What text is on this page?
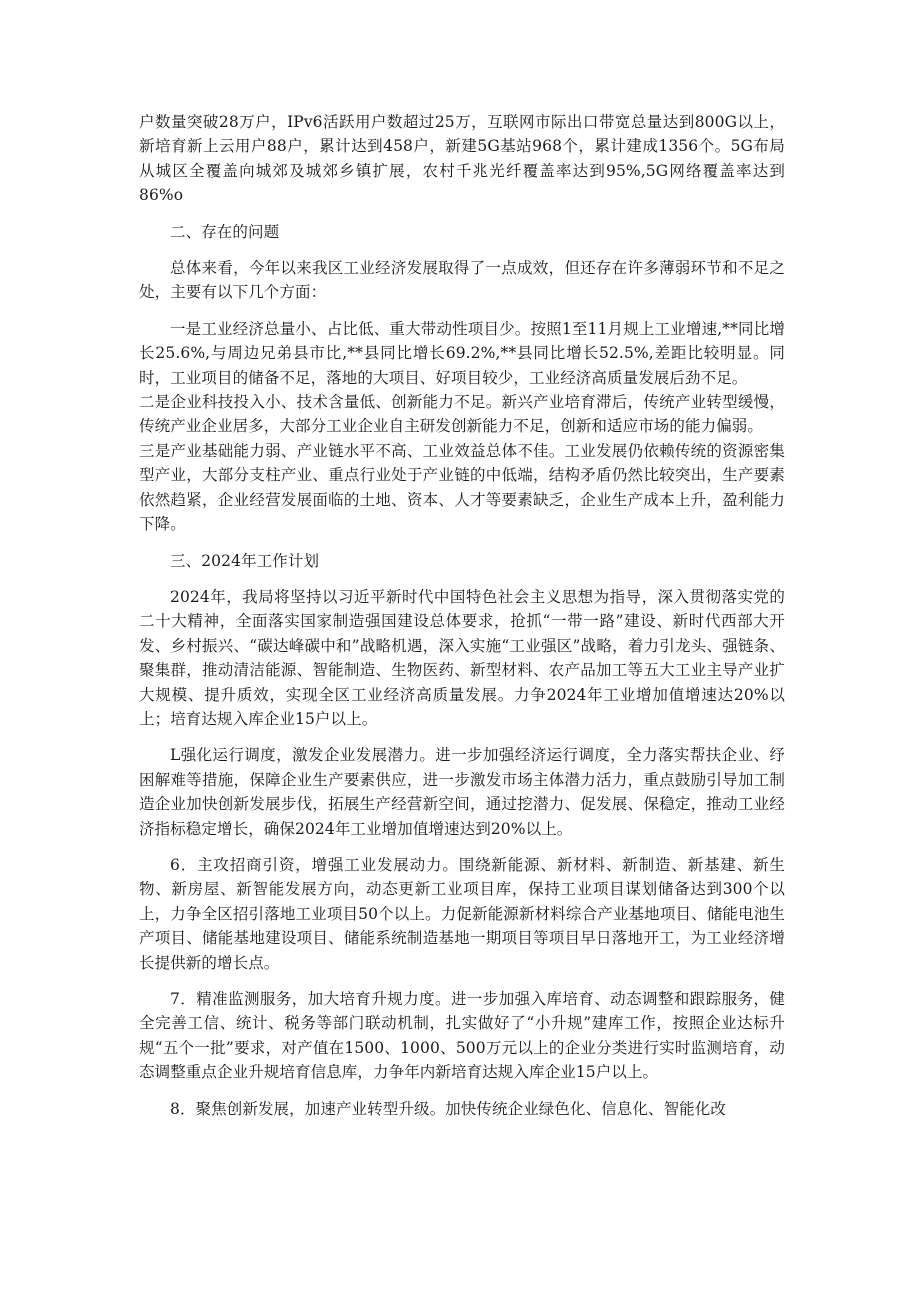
户数量突破28万户，IPv6活跃用户数超过25万，互联网市际出口带宽总量达到800G以上，新培育新上云用户88户，累计达到458户，新建5G基站968个，累计建成1356个。5G布局从城区全覆盖向城郊及城郊乡镇扩展，农村千兆光纤覆盖率达到95%,5G网络覆盖率达到86%o

二、存在的问题

总体来看，今年以来我区工业经济发展取得了一点成效，但还存在许多薄弱环节和不足之处，主要有以下几个方面：

一是工业经济总量小、占比低、重大带动性项目少。按照1至11月规上工业增速,**同比增长25.6%,与周边兄弟县市比,**县同比增长69.2%,**县同比增长52.5%,差距比较明显。同时，工业项目的储备不足，落地的大项目、好项目较少，工业经济高质量发展后劲不足。

二是企业科技投入小、技术含量低、创新能力不足。新兴产业培育滞后，传统产业转型缓慢，传统产业企业居多，大部分工业企业自主研发创新能力不足，创新和适应市场的能力偏弱。

三是产业基础能力弱、产业链水平不高、工业效益总体不佳。工业发展仍依赖传统的资源密集型产业，大部分支柱产业、重点行业处于产业链的中低端，结构矛盾仍然比较突出，生产要素依然趋紧，企业经营发展面临的土地、资本、人才等要素缺乏，企业生产成本上升，盈利能力下降。

三、2024年工作计划

2024年，我局将坚持以习近平新时代中国特色社会主义思想为指导，深入贯彻落实党的二十大精神，全面落实国家制造强国建设总体要求，抢抓“一带一路”建设、新时代西部大开发、乡村振兴、“碳达峰碳中和”战略机遇，深入实施“工业强区”战略，着力引龙头、强链条、聚集群，推动清洁能源、智能制造、生物医药、新型材料、农产品加工等五大工业主导产业扩大规模、提升质效，实现全区工业经济高质量发展。力争2024年工业增加值增速达20%以上；培育达规入库企业15户以上。

L强化运行调度，激发企业发展潜力。进一步加强经济运行调度，全力落实帮扶企业、纾困解难等措施，保障企业生产要素供应，进一步激发市场主体潜力活力，重点鼓励引导加工制造企业加快创新发展步伐，拓展生产经营新空间，通过挖潜力、促发展、保稳定，推动工业经济指标稳定增长，确保2024年工业增加值增速达到20%以上。

6．主攻招商引资，增强工业发展动力。围绕新能源、新材料、新制造、新基建、新生物、新房屋、新智能发展方向，动态更新工业项目库，保持工业项目谋划储备达到300个以上，力争全区招引落地工业项目50个以上。力促新能源新材料综合产业基地项目、储能电池生产项目、储能基地建设项目、储能系统制造基地一期项目等项目早日落地开工，为工业经济增长提供新的增长点。

7．精准监测服务，加大培育升规力度。进一步加强入库培育、动态调整和跟踪服务，健全完善工信、统计、税务等部门联动机制，扎实做好了“小升规”建库工作，按照企业达标升规“五个一批”要求，对产值在1500、1000、500万元以上的企业分类进行实时监测培育，动态调整重点企业升规培育信息库，力争年内新培育达规入库企业15户以上。

8．聚焦创新发展，加速产业转型升级。加快传统企业绿色化、信息化、智能化改
